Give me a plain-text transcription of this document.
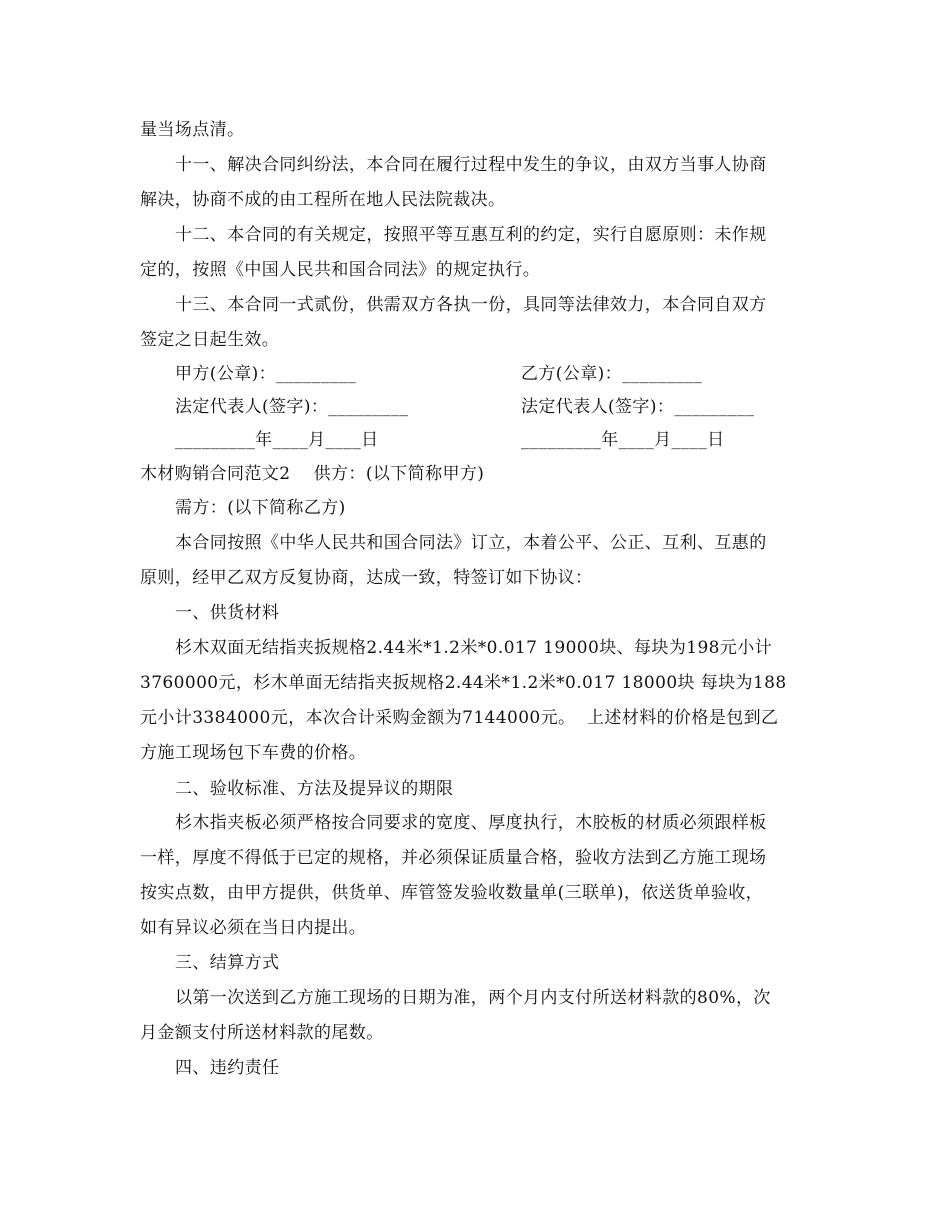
量当场点清。
十一、解决合同纠纷法，本合同在履行过程中发生的争议，由双方当事人协商
解决，协商不成的由工程所在地人民法院裁决。
十二、本合同的有关规定，按照平等互惠互利的约定，实行自愿原则：未作规
定的，按照《中国人民共和国合同法》的规定执行。
十三、本合同一式贰份，供需双方各执一份，具同等法律效力，本合同自双方
签定之日起生效。
甲方(公章)：_________	乙方(公章)：_________
法定代表人(签字)：_________	法定代表人(签字)：_________
_________年____月____日	_________年____月____日
木材购销合同范文2    供方：(以下简称甲方)
需方：(以下简称乙方)
本合同按照《中华人民共和国合同法》订立，本着公平、公正、互利、互惠的
原则，经甲乙双方反复协商，达成一致，特签订如下协议：
一、供货材料
杉木双面无结指夹扳规格2.44米*1.2米*0.017 19000块、每块为198元小计
3760000元，杉木单面无结指夹扳规格2.44米*1.2米*0.017 18000块 每块为188
元小计3384000元，本次合计采购金额为7144000元。  上述材料的价格是包到乙
方施工现场包下车费的价格。
二、验收标准、方法及提异议的期限
杉木指夹板必须严格按合同要求的宽度、厚度执行，木胶板的材质必须跟样板
一样，厚度不得低于已定的规格，并必须保证质量合格，验收方法到乙方施工现场
按实点数，由甲方提供，供货单、库管签发验收数量单(三联单)，依送货单验收，
如有异议必须在当日内提出。
三、结算方式
以第一次送到乙方施工现场的日期为准，两个月内支付所送材料款的80%，次
月金额支付所送材料款的尾数。
四、违约责任
